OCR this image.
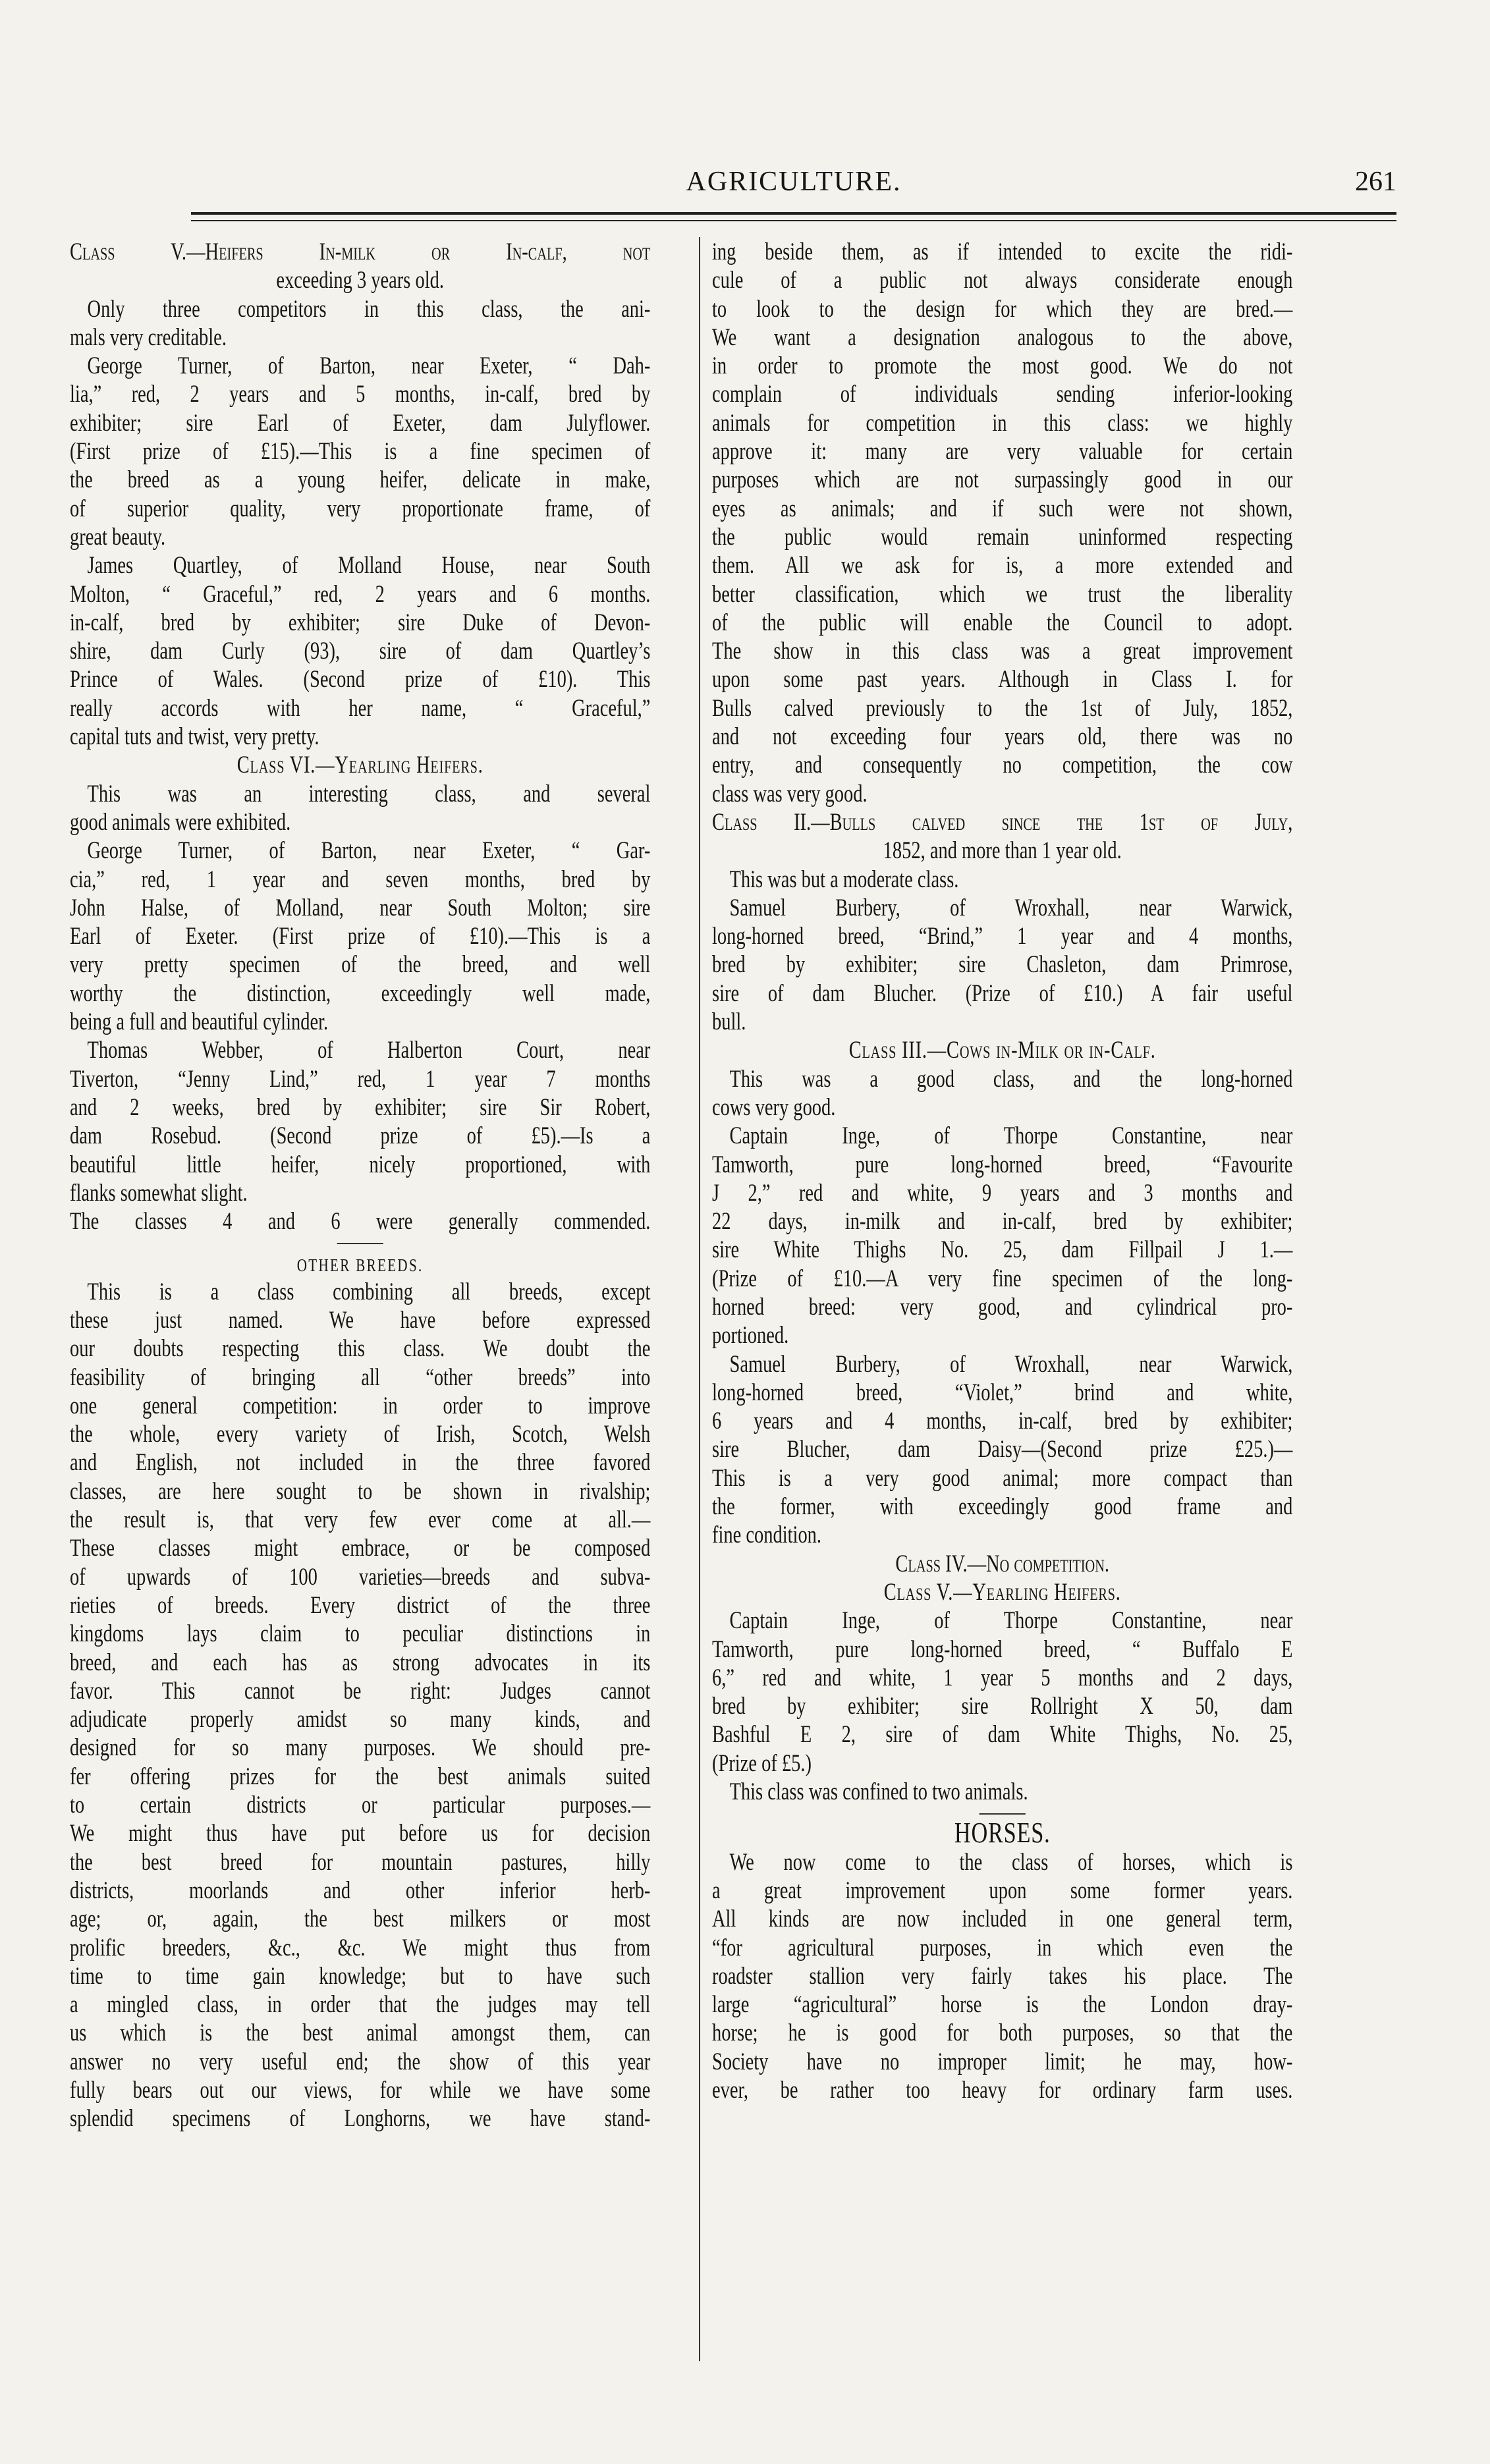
AGRICULTURE.	261
Class V.—Heifers In-milk or In-calf, not
exceeding 3 years old.
Only three competitors in this class, the ani-
mals very creditable.
George Turner, of Barton, near Exeter, “ Dah-
lia,” red, 2 years and 5 months, in-calf, bred by
exhibiter; sire Earl of Exeter, dam Julyflower.
(First prize of £15).—This is a fine specimen of
the breed as a young heifer, delicate in make,
of superior quality, very proportionate frame, of
great beauty.
James Quartley, of Molland House, near South
Molton, “ Graceful,” red, 2 years and 6 months.
in-calf, bred by exhibiter; sire Duke of Devon-
shire, dam Curly (93), sire of dam Quartley’s
Prince of Wales. (Second prize of £10). This
really accords with her name, “ Graceful,”
capital tuts and twist, very pretty.
Class VI.—Yearling Heifers.
This was an interesting class, and several
good animals were exhibited.
George Turner, of Barton, near Exeter, “ Gar-
cia,” red, 1 year and seven months, bred by
John Halse, of Molland, near South Molton; sire
Earl of Exeter. (First prize of £10).—This is a
very pretty specimen of the breed, and well
worthy the distinction, exceedingly well made,
being a full and beautiful cylinder.
Thomas Webber, of Halberton Court, near
Tiverton, “Jenny Lind,” red, 1 year 7 months
and 2 weeks, bred by exhibiter; sire Sir Robert,
dam Rosebud. (Second prize of £5).—Is a
beautiful little heifer, nicely proportioned, with
flanks somewhat slight.
The classes 4 and 6 were generally commended.
OTHER BREEDS.
This is a class combining all breeds, except
these just named. We have before expressed
our doubts respecting this class. We doubt the
feasibility of bringing all “other breeds” into
one general competition: in order to improve
the whole, every variety of Irish, Scotch, Welsh
and English, not included in the three favored
classes, are here sought to be shown in rivalship;
the result is, that very few ever come at all.—
These classes might embrace, or be composed
of upwards of 100 varieties—breeds and subva-
rieties of breeds. Every district of the three
kingdoms lays claim to peculiar distinctions in
breed, and each has as strong advocates in its
favor. This cannot be right: Judges cannot
adjudicate properly amidst so many kinds, and
designed for so many purposes. We should pre-
fer offering prizes for the best animals suited
to certain districts or particular purposes.—
We might thus have put before us for decision
the best breed for mountain pastures, hilly
districts, moorlands and other inferior herb-
age; or, again, the best milkers or most
prolific breeders, &c., &c. We might thus from
time to time gain knowledge; but to have such
a mingled class, in order that the judges may tell
us which is the best animal amongst them, can
answer no very useful end; the show of this year
fully bears out our views, for while we have some
splendid specimens of Longhorns, we have stand-
ing beside them, as if intended to excite the ridi-
cule of a public not always considerate enough
to look to the design for which they are bred.—
We want a designation analogous to the above,
in order to promote the most good. We do not
complain of individuals sending inferior-looking
animals for competition in this class: we highly
approve it: many are very valuable for certain
purposes which are not surpassingly good in our
eyes as animals; and if such were not shown,
the public would remain uninformed respecting
them. All we ask for is, a more extended and
better classification, which we trust the liberality
of the public will enable the Council to adopt.
The show in this class was a great improvement
upon some past years. Although in Class I. for
Bulls calved previously to the 1st of July, 1852,
and not exceeding four years old, there was no
entry, and consequently no competition, the cow
class was very good.
Class II.—Bulls calved since the 1st of July,
1852, and more than 1 year old.
This was but a moderate class.
Samuel Burbery, of Wroxhall, near Warwick,
long-horned breed, “Brind,” 1 year and 4 months,
bred by exhibiter; sire Chasleton, dam Primrose,
sire of dam Blucher. (Prize of £10.) A fair useful
bull.
Class III.—Cows in-Milk or in-Calf.
This was a good class, and the long-horned
cows very good.
Captain Inge, of Thorpe Constantine, near
Tamworth, pure long-horned breed, “Favourite
J 2,” red and white, 9 years and 3 months and
22 days, in-milk and in-calf, bred by exhibiter;
sire White Thighs No. 25, dam Fillpail J 1.—
(Prize of £10.—A very fine specimen of the long-
horned breed: very good, and cylindrical pro-
portioned.
Samuel Burbery, of Wroxhall, near Warwick,
long-horned breed, “Violet,” brind and white,
6 years and 4 months, in-calf, bred by exhibiter;
sire Blucher, dam Daisy—(Second prize £25.)—
This is a very good animal; more compact than
the former, with exceedingly good frame and
fine condition.
Class IV.—No competition.
Class V.—Yearling Heifers.
Captain Inge, of Thorpe Constantine, near
Tamworth, pure long-horned breed, “ Buffalo E
6,” red and white, 1 year 5 months and 2 days,
bred by exhibiter; sire Rollright X 50, dam
Bashful E 2, sire of dam White Thighs, No. 25,
(Prize of £5.)
This class was confined to two animals.
HORSES.
We now come to the class of horses, which is
a great improvement upon some former years.
All kinds are now included in one general term,
“for agricultural purposes, in which even the
roadster stallion very fairly takes his place. The
large “agricultural” horse is the London dray-
horse; he is good for both purposes, so that the
Society have no improper limit; he may, how-
ever, be rather too heavy for ordinary farm uses.
